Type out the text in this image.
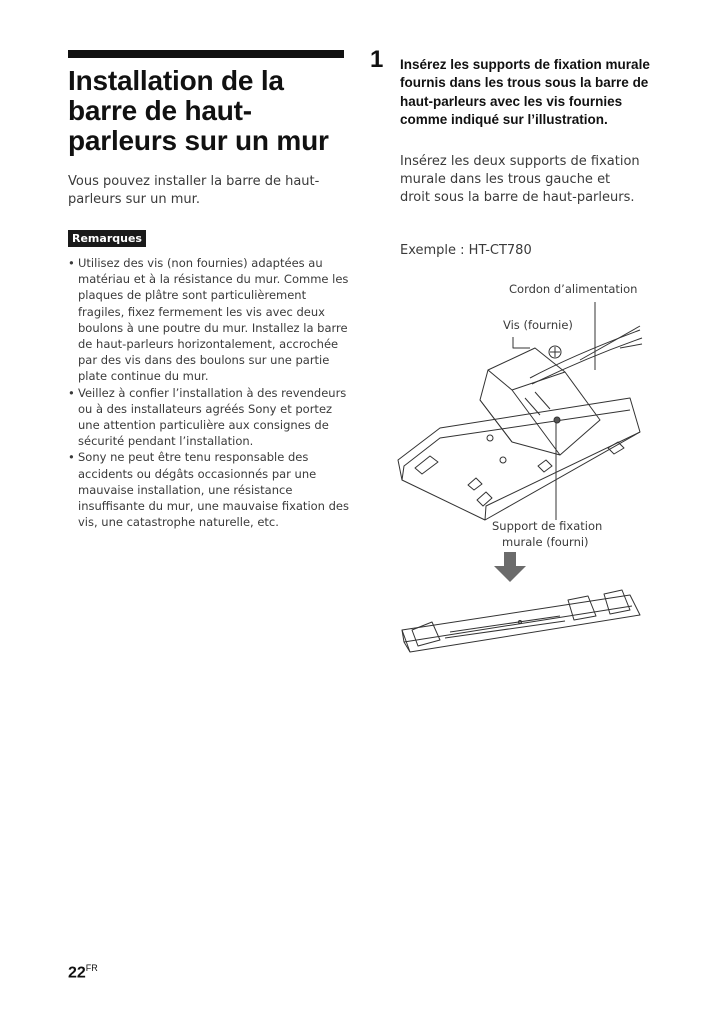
Installation de la barre de haut-parleurs sur un mur

Vous pouvez installer la barre de haut-parleurs sur un mur.

Remarques
• Utilisez des vis (non fournies) adaptées au matériau et à la résistance du mur. Comme les plaques de plâtre sont particulièrement fragiles, fixez fermement les vis avec deux boulons à une poutre du mur. Installez la barre de haut-parleurs horizontalement, accrochée par des vis dans des boulons sur une partie plate continue du mur.
• Veillez à confier l’installation à des revendeurs ou à des installateurs agréés Sony et portez une attention particulière aux consignes de sécurité pendant l’installation.
• Sony ne peut être tenu responsable des accidents ou dégâts occasionnés par une mauvaise installation, une résistance insuffisante du mur, une mauvaise fixation des vis, une catastrophe naturelle, etc.
1 Insérez les supports de fixation murale fournis dans les trous sous la barre de haut-parleurs avec les vis fournies comme indiqué sur l’illustration.

Insérez les deux supports de fixation murale dans les trous gauche et droit sous la barre de haut-parleurs.

Exemple : HT-CT780

Cordon d’alimentation

Vis (fournie)

Support de fixation

murale (fourni)

$22^{FR}$
